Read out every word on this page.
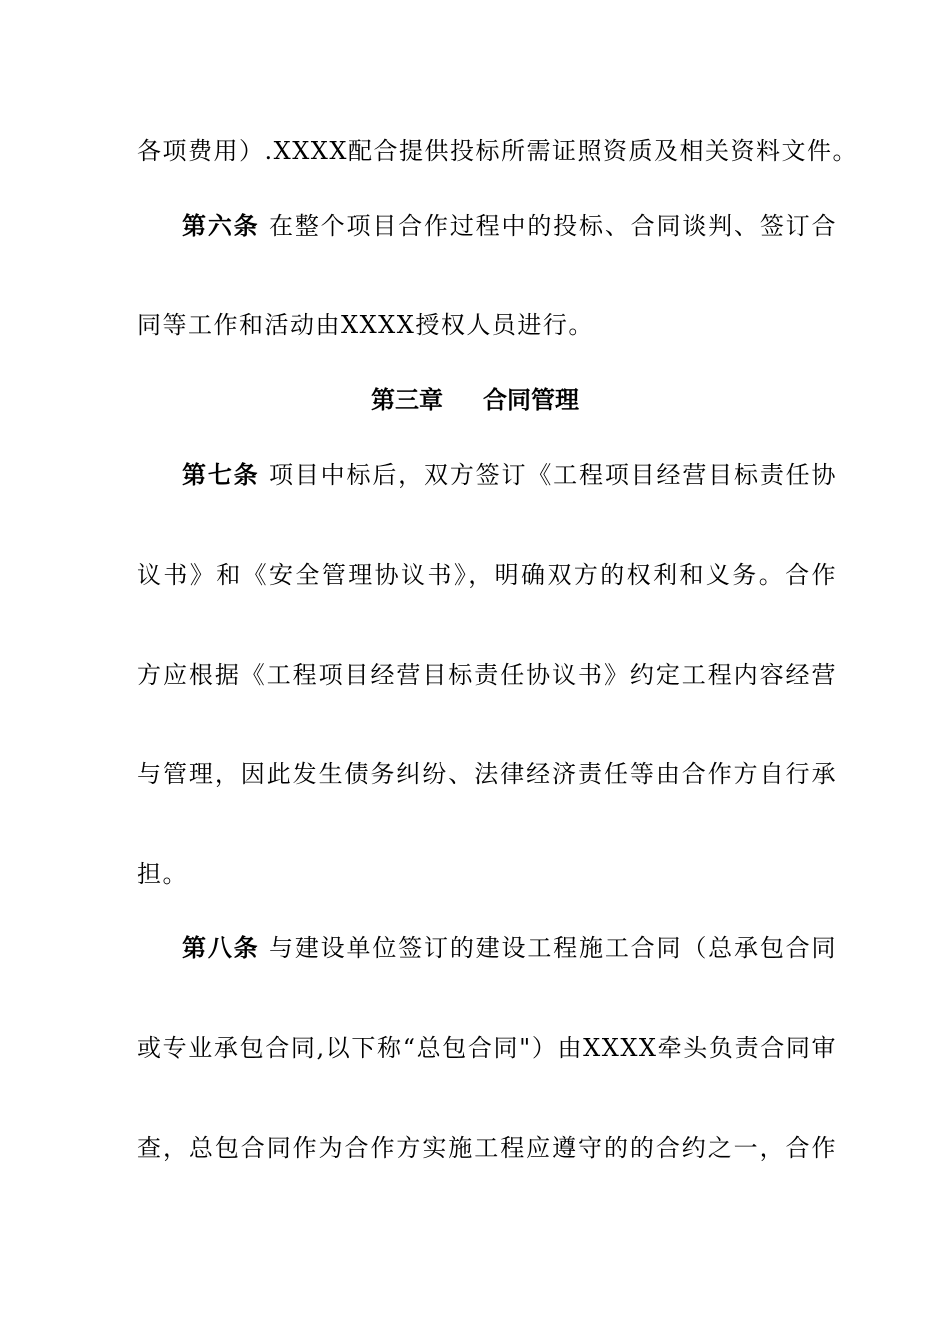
各项费用）.XXXX配合提供投标所需证照资质及相关资料文件。
第六条 在整个项目合作过程中的投标、合同谈判、签订合
同等工作和活动由XXXX授权人员进行。
第三章 合同管理
第七条 项目中标后，双方签订《工程项目经营目标责任协
议书》和《安全管理协议书》，明确双方的权利和义务。合作
方应根据《工程项目经营目标责任协议书》约定工程内容经营
与管理，因此发生债务纠纷、法律经济责任等由合作方自行承
担。
第八条 与建设单位签订的建设工程施工合同（总承包合同
或专业承包合同,以下称“总包合同"）由XXXX牵头负责合同审
查，总包合同作为合作方实施工程应遵守的的合约之一，合作
